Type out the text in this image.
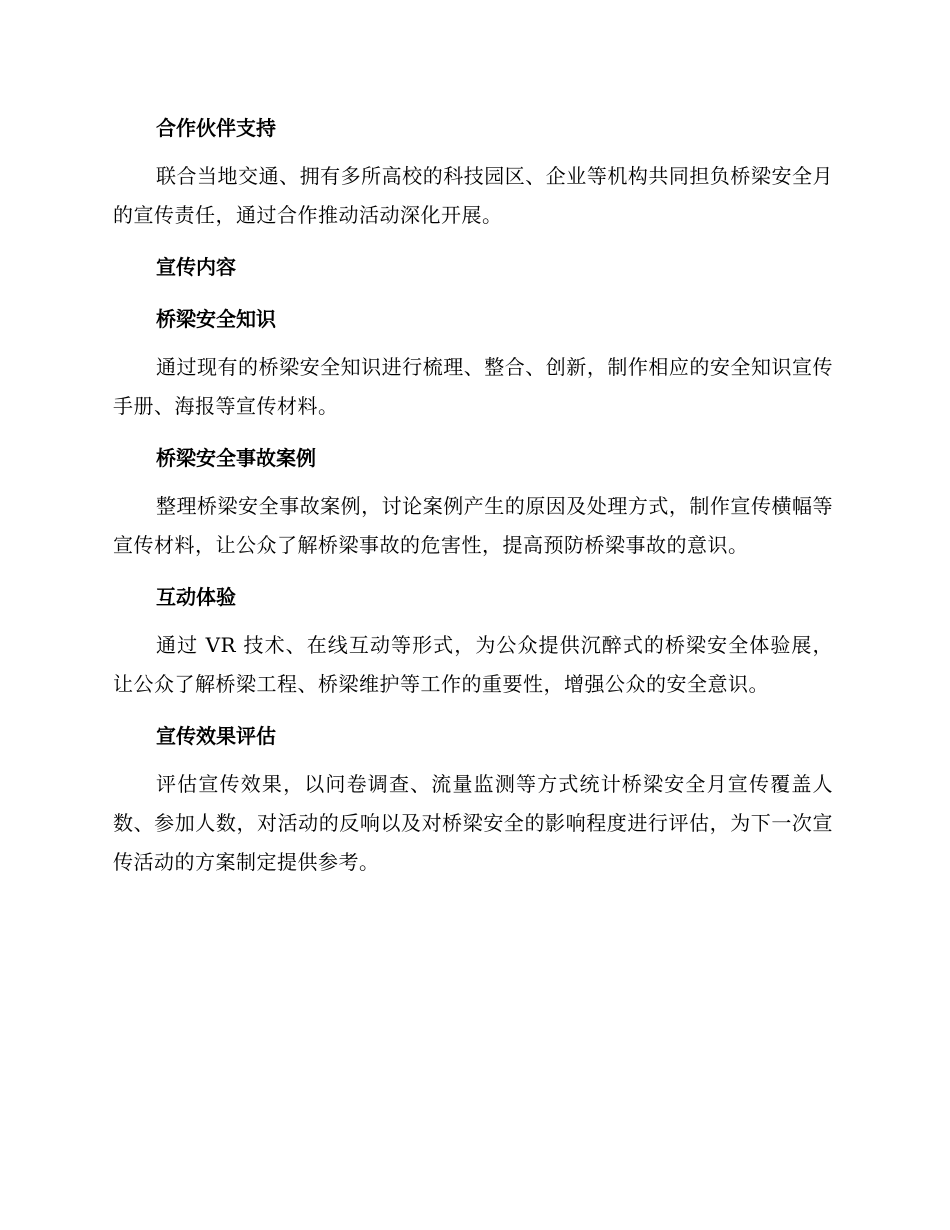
合作伙伴支持

联合当地交通、拥有多所高校的科技园区、企业等机构共同担负桥梁安全月的宣传责任，通过合作推动活动深化开展。

宣传内容
桥梁安全知识

通过现有的桥梁安全知识进行梳理、整合、创新，制作相应的安全知识宣传手册、海报等宣传材料。

桥梁安全事故案例

整理桥梁安全事故案例，讨论案例产生的原因及处理方式，制作宣传横幅等宣传材料，让公众了解桥梁事故的危害性，提高预防桥梁事故的意识。

互动体验

通过 VR 技术、在线互动等形式，为公众提供沉醉式的桥梁安全体验展，让公众了解桥梁工程、桥梁维护等工作的重要性，增强公众的安全意识。

宣传效果评估

评估宣传效果，以问卷调查、流量监测等方式统计桥梁安全月宣传覆盖人数、参加人数，对活动的反响以及对桥梁安全的影响程度进行评估，为下一次宣传活动的方案制定提供参考。
